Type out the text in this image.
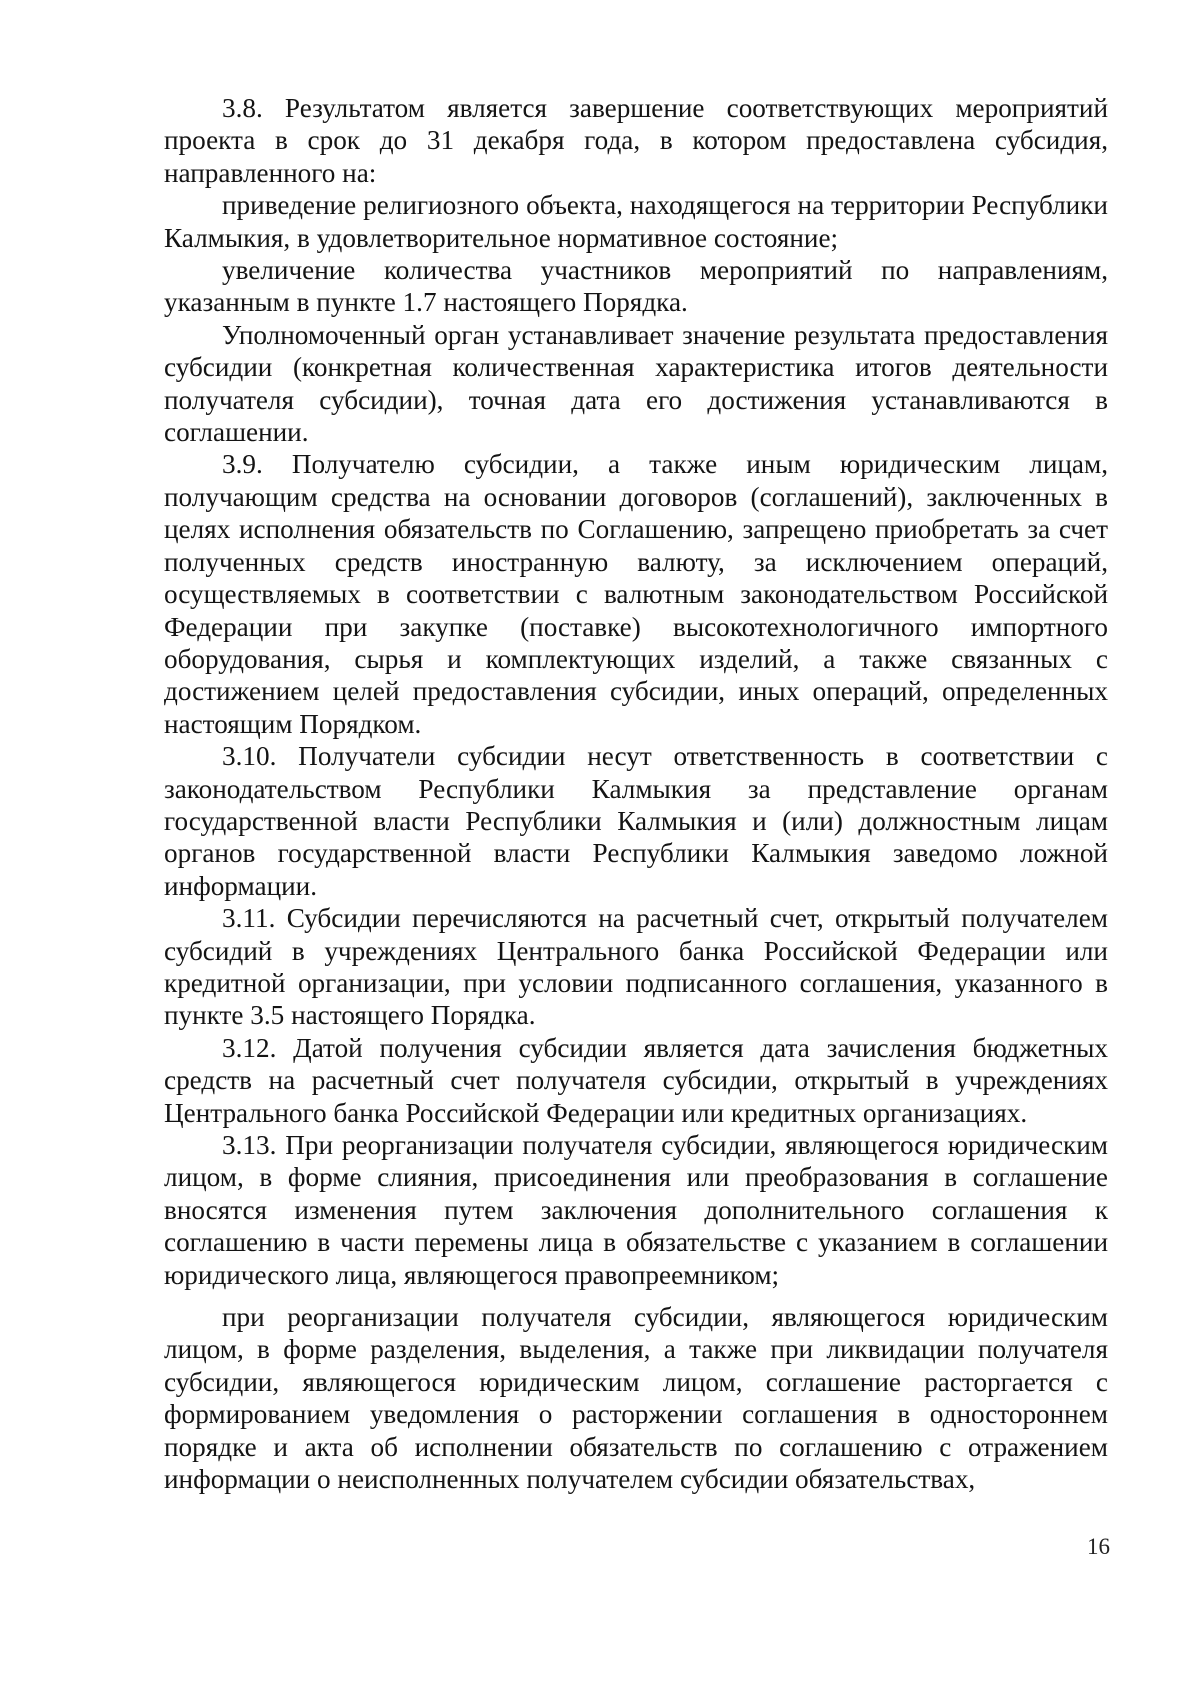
3.8. Результатом является завершение соответствующих мероприятий проекта в срок до 31 декабря года, в котором предоставлена субсидия, направленного на:

приведение религиозного объекта, находящегося на территории Республики Калмыкия, в удовлетворительное нормативное состояние;

увеличение количества участников мероприятий по направлениям, указанным в пункте 1.7 настоящего Порядка.

Уполномоченный орган устанавливает значение результата предоставления субсидии (конкретная количественная характеристика итогов деятельности получателя субсидии), точная дата его достижения устанавливаются в соглашении.

3.9. Получателю субсидии, а также иным юридическим лицам, получающим средства на основании договоров (соглашений), заключенных в целях исполнения обязательств по Соглашению, запрещено приобретать за счет полученных средств иностранную валюту, за исключением операций, осуществляемых в соответствии с валютным законодательством Российской Федерации при закупке (поставке) высокотехнологичного импортного оборудования, сырья и комплектующих изделий, а также связанных с достижением целей предоставления субсидии, иных операций, определенных настоящим Порядком.

3.10. Получатели субсидии несут ответственность в соответствии с законодательством Республики Калмыкия за представление органам государственной власти Республики Калмыкия и (или) должностным лицам органов государственной власти Республики Калмыкия заведомо ложной информации.

3.11. Субсидии перечисляются на расчетный счет, открытый получателем субсидий в учреждениях Центрального банка Российской Федерации или кредитной организации, при условии подписанного соглашения, указанного в пункте 3.5 настоящего Порядка.

3.12. Датой получения субсидии является дата зачисления бюджетных средств на расчетный счет получателя субсидии, открытый в учреждениях Центрального банка Российской Федерации или кредитных организациях.

3.13. При реорганизации получателя субсидии, являющегося юридическим лицом, в форме слияния, присоединения или преобразования в соглашение вносятся изменения путем заключения дополнительного соглашения к соглашению в части перемены лица в обязательстве с указанием в соглашении юридического лица, являющегося правопреемником;

при реорганизации получателя субсидии, являющегося юридическим лицом, в форме разделения, выделения, а также при ликвидации получателя субсидии, являющегося юридическим лицом, соглашение расторгается с формированием уведомления о расторжении соглашения в одностороннем порядке и акта об исполнении обязательств по соглашению с отражением информации о неисполненных получателем субсидии обязательствах,

16
